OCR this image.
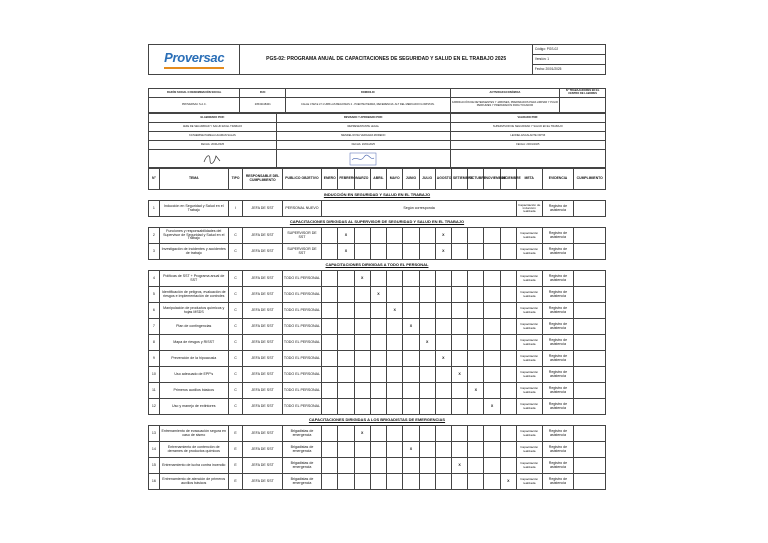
Proversac	PGS-02: PROGRAMA ANUAL DE CAPACITACIONES DE SEGURIDAD Y SALUD EN EL TRABAJO 2025	Código: PGS-02
Versión: 1
Fecha: 20/01/2025
RAZÓN SOCIAL O DENOMINACIÓN SOCIAL	RUC	DOMICILIO	ACTIVIDAD ECONÓMICA	N° TRABAJADORES EN EL CENTRO DE LABORES
PROVERSAC S.A.C.	20543418401	CALLE 3 MZ.E LT.1 URB.LAS BEGONIAS 2 - PUENTE PIEDRA, REFERENCIA: ALT DEL MERCADO FLORISTAN.	FABRICACIÓN DE DETERGENTES Y JABONES, PREPARADOS PARA LIMPIAR Y PULIR PERFUMES Y PREPARADOS PARA TOCADOR	
ELABORADO POR:	REVISADO Y APROBADO POR:	VALIDADO POR:
JEFE DE SEGURIDAD Y SALUD EN EL TRABAJO	REPRESENTANTE LEGAL	SUPERVISOR DE SEGURIDAD Y SALUD EN EL TRABAJO
KATHERINE PAMELA HUAMAN SALAS	MENDEL ROSA VERGARA MORENO	LEONEL ESCALANTE ORTIZ
FECHA: 20/01/2025	FECHA: 20/01/2025	FECHA: 20/01/2025

N°	TEMA	TIPO	RESPONSABLE DEL CUMPLIMIENTO	PUBLICO OBJETIVO	ENERO	FEBRERO	MARZO	ABRIL	MAYO	JUNIO	JULIO	AGOSTO	SETIEMBRE	OCTUBRE	NOVIEMBRE	DICIEMBRE	META	EVIDENCIA	CUMPLIMIENTO
INDUCCIÓN EN SEGURIDAD Y SALUD EN EL TRABAJO																			
1	Inducción en Seguridad y Salud en el Trabajo	I	JEFA DE SST	PERSONAL NUEVO	Según corresponda												Capacitación de inducción realizada	Registro de asistencia	
CAPACITACIONES DIRIGIDAS AL SUPERVISOR DE SEGURIDAD Y SALUD EN EL TRABAJO																			
2	Funciones y responsabilidades del Supervisor de Seguridad y Salud en el Trabajo	C	JEFA DE SST	SUPERVISOR DE SST		X						X					Capacitación realizada	Registro de asistencia	
3	Investigación de incidentes y accidentes de trabajo	C	JEFA DE SST	SUPERVISOR DE SST		X						X					Capacitación realizada	Registro de asistencia	
CAPACITACIONES DIRIGIDAS A TODO EL PERSONAL																			
4	Políticas de SST + Programa anual de SST	C	JEFA DE SST	TODO EL PERSONAL			X										Capacitación realizada	Registro de asistencia	
5	Identificación de peligros, evaluación de riesgos e implementación de controles	C	JEFA DE SST	TODO EL PERSONAL				X									Capacitación realizada	Registro de asistencia	
6	Manipulación de productos químicos y hojas MSDS	C	JEFA DE SST	TODO EL PERSONAL					X								Capacitación realizada	Registro de asistencia	
7	Plan de contingencias	C	JEFA DE SST	TODO EL PERSONAL						X							Capacitación realizada	Registro de asistencia	
8	Mapa de riesgos y RISST	C	JEFA DE SST	TODO EL PERSONAL							X						Capacitación realizada	Registro de asistencia	
9	Prevención de la hipoacusia	C	JEFA DE SST	TODO EL PERSONAL								X					Capacitación realizada	Registro de asistencia	
10	Uso adecuado de EPP's	C	JEFA DE SST	TODO EL PERSONAL									X				Capacitación realizada	Registro de asistencia	
11	Primeros auxilios básicos	C	JEFA DE SST	TODO EL PERSONAL										X			Capacitación realizada	Registro de asistencia	
12	Uso y manejo de extintores	C	JEFA DE SST	TODO EL PERSONAL											X		Capacitación realizada	Registro de asistencia	
CAPACITACIONES DIRIGIDAS A LOS BRIGADISTAS DE EMERGENCIAS																			
13	Entrenamiento de evacuación segura en caso de sismo	E	JEFA DE SST	Brigadistas de emergencia			X										Capacitación realizada	Registro de asistencia	
14	Entrenamiento de contención de derrames de productos químicos	E	JEFA DE SST	Brigadistas de emergencia						X							Capacitación realizada	Registro de asistencia	
15	Entrenamiento de lucha contra incendio	E	JEFA DE SST	Brigadistas de emergencia									X				Capacitación realizada	Registro de asistencia	
16	Entrenamiento de atención de primeros auxilios básicos	E	JEFA DE SST	Brigadistas de emergencia												X	Capacitación realizada	Registro de asistencia	
